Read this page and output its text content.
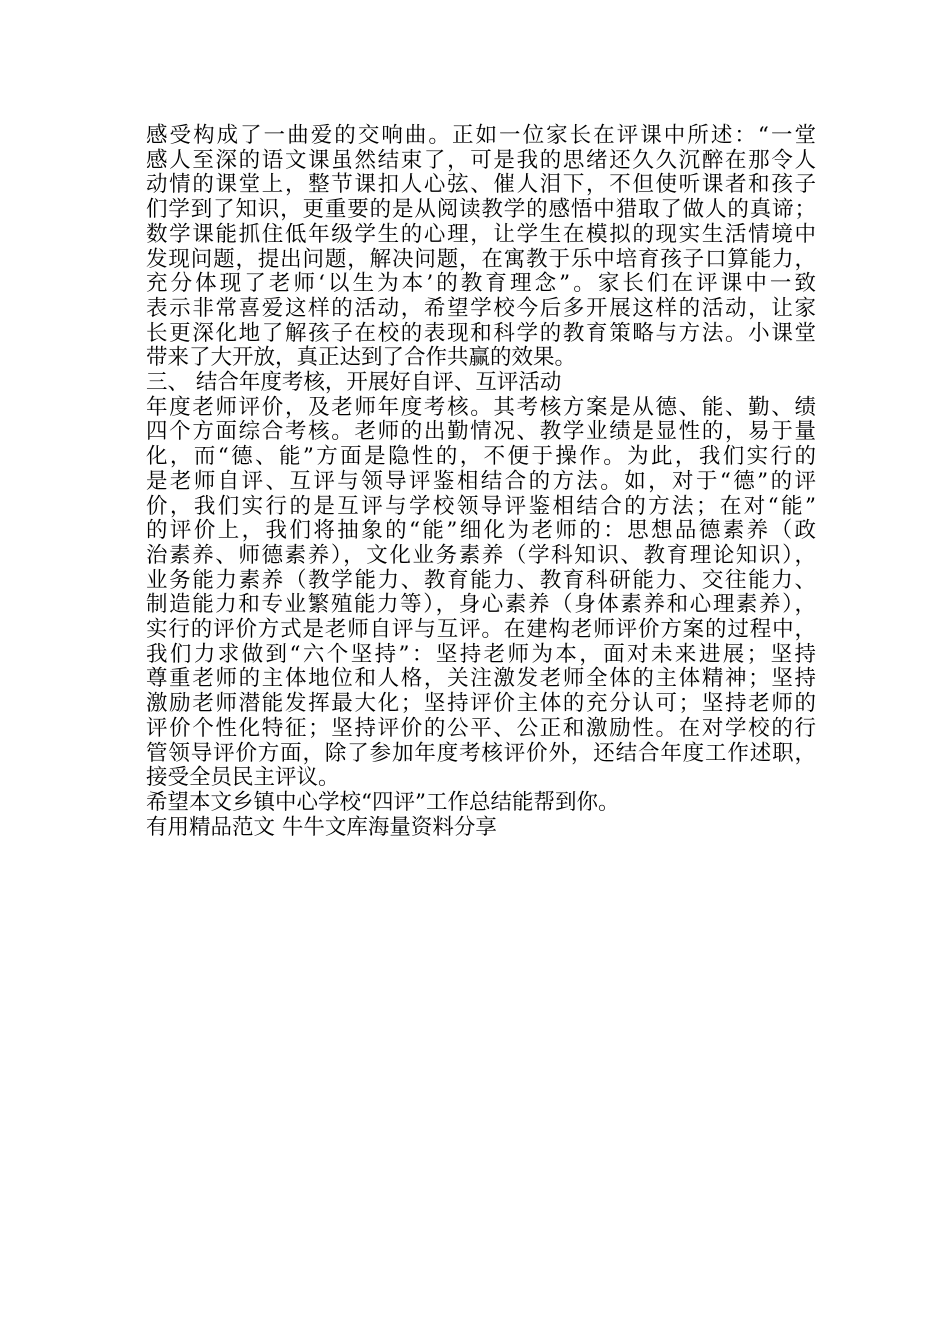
感受构成了一曲爱的交响曲。正如一位家长在评课中所述：“一堂
感人至深的语文课虽然结束了，可是我的思绪还久久沉醉在那令人
动情的课堂上，整节课扣人心弦、催人泪下，不但使听课者和孩子
们学到了知识，更重要的是从阅读教学的感悟中猎取了做人的真谛；
数学课能抓住低年级学生的心理，让学生在模拟的现实生活情境中
发现问题，提出问题，解决问题，在寓教于乐中培育孩子口算能力，
充分体现了老师‘以生为本’的教育理念”。家长们在评课中一致
表示非常喜爱这样的活动，希望学校今后多开展这样的活动，让家
长更深化地了解孩子在校的表现和科学的教育策略与方法。小课堂
带来了大开放，真正达到了合作共赢的效果。
三、 结合年度考核，开展好自评、互评活动
年度老师评价，及老师年度考核。其考核方案是从德、能、勤、绩
四个方面综合考核。老师的出勤情况、教学业绩是显性的，易于量
化，而“德、能”方面是隐性的，不便于操作。为此，我们实行的
是老师自评、互评与领导评鉴相结合的方法。如，对于“德”的评
价，我们实行的是互评与学校领导评鉴相结合的方法；在对“能”
的评价上，我们将抽象的“能”细化为老师的：思想品德素养（政
治素养、师德素养），文化业务素养（学科知识、教育理论知识），
业务能力素养（教学能力、教育能力、教育科研能力、交往能力、
制造能力和专业繁殖能力等），身心素养（身体素养和心理素养），
实行的评价方式是老师自评与互评。在建构老师评价方案的过程中，
我们力求做到“六个坚持”：坚持老师为本，面对未来进展；坚持
尊重老师的主体地位和人格，关注激发老师全体的主体精神；坚持
激励老师潜能发挥最大化；坚持评价主体的充分认可；坚持老师的
评价个性化特征；坚持评价的公平、公正和激励性。在对学校的行
管领导评价方面，除了参加年度考核评价外，还结合年度工作述职，
接受全员民主评议。
希望本文乡镇中心学校“四评”工作总结能帮到你。
有用精品范文 牛牛文库海量资料分享
